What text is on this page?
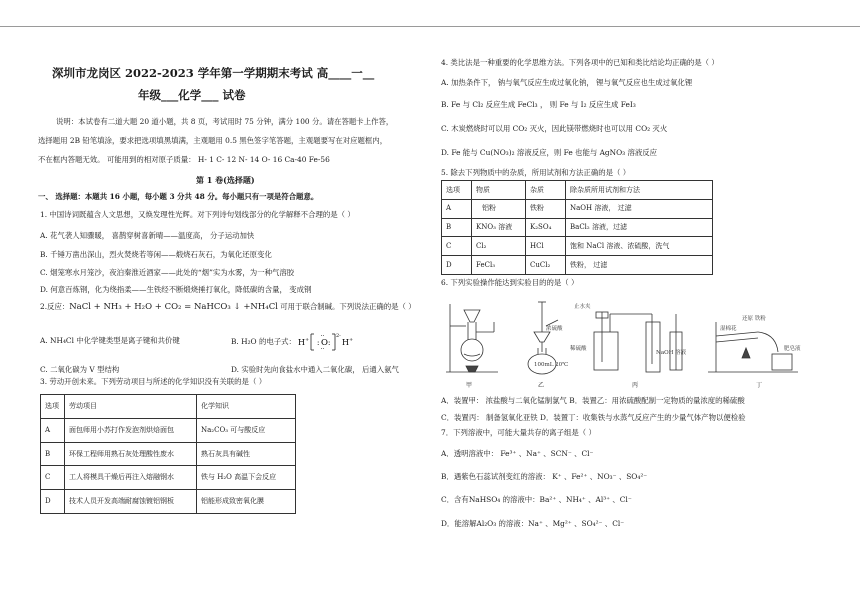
深圳市龙岗区 2022-2023 学年第一学期期末考试 高____一__
年级___化学___ 试卷
说明：本试卷有二道大题 20 道小题，共 8 页，考试用时 75 分钟，满分 100 分。请在答题卡上作答，
选择题用 2B 铅笔填涂，要求把选项填黑填满，主观题用 0.5 黑色签字笔答题，主观题要写在对应题框内，
不在框内答题无效。 可能用到的相对原子质量： H- 1 C- 12 N- 14 O- 16 Ca-40 Fe-56
第 1 卷(选择题)
一、 选择题：本题共 16 小题，每小题 3 分共 48 分。每小题只有一项是符合题意。
1. 中国诗词既蕴含人文思想，又焕发理性光辉。对下列诗句划线部分的化学解释不合理的是（ ）
A. 花气袭人知骤暖， 喜鹊穿树喜新晴——温度高， 分子运动加快
B. 千锤万凿出深山，烈火焚烧若等闲——煅烧石灰石，为氧化还原变化
C. 烟笼寒水月笼沙，夜泊秦淮近酒家——此处的“烟”实为水雾，为一种气溶胶
D. 何意百炼钢，化为绕指柔——生铁经不断煅烧捶打氧化，降低碳的含量， 变成钢
2.反应：NaCl + NH₃ + H₂O + CO₂ = NaHCO₃ ↓ +NH₄Cl 可用于联合制碱。下列说法正确的是（ ）
A. NH₄Cl 中化学键类型是离子键和共价键	B. H₂O 的电子式： H + : O :
··
··
2-
H +
C. 二氧化碳为 V 型结构	D. 实验时先向食盐水中通入二氧化碳， 后通入氨气
3. 劳动开创未来。下列劳动项目与所述的化学知识没有关联的是（ ）
选项	劳动项目	化学知识
A	面包师用小苏打作发泡剂烘焙面包	Na₂CO₃ 可与酸反应
B	环保工程师用熟石灰处理酸性废水	熟石灰具有碱性
C	工人将模具干燥后再注入熔融钢水	铁与 H₂O 高温下会反应
D	技术人员开发高端耐腐蚀镀铝钢板	铝能形成致密氧化膜
4. 类比法是一种重要的化学思维方法。下列各项中的已知和类比结论均正确的是（ ）
A. 加热条件下， 钠与氧气反应生成过氧化钠， 锂与氧气反应也生成过氧化锂
B. Fe 与 Cl₂ 反应生成 FeCl₃ ， 则 Fe 与 I₂ 反应生成 FeI₃
C. 木炭燃烧时可以用 CO₂ 灭火，因此镁带燃烧时也可以用 CO₂ 灭火
D. Fe 能与 Cu(NO₃)₂ 溶液反应，则 Fe 也能与 AgNO₃ 溶液反应
5. 除去下列物质中的杂质，所用试剂和方法正确的是（ ）
选项	物质	杂质	除杂质所用试剂和方法
A	铝粉	铁粉	NaOH 溶液， 过滤
B	KNO₃ 溶液	K₂SO₄	BaCl₂ 溶液，过滤
C	Cl₂	HCl	饱和 NaCl 溶液、浓硫酸，洗气
D	FeCl₃	CuCl₂	铁粉， 过滤
6. 下列实验操作能达到实验目的的是（ ）
浓硫酸
100mL 20℃
止水夹
稀硫酸
NaOH 溶液
还原 铁粉
湿棉花
肥皂液
甲	乙	丙	丁
A．装置甲： 浓盐酸与二氧化锰制氯气 B．装置乙：用浓硫酸配制一定物质的量浓度的稀硫酸
C．装置丙： 制备氢氧化亚铁 D．装置丁：收集铁与水蒸气反应产生的少量气体产物以便检验
7．下列溶液中，可能大量共存的离子组是（ ）
A．透明溶液中： Fe³⁺ 、Na⁺ 、SCN⁻ 、Cl⁻
B．遇紫色石蕊试剂变红的溶液： K⁺ 、Fe²⁺ 、NO₃⁻ 、SO₄²⁻
C．含有NaHSO₄ 的溶液中：Ba²⁺ 、NH₄⁺ 、Al³⁺ 、Cl⁻
D．能溶解Al₂O₃ 的溶液：Na⁺ 、Mg²⁺ 、SO₄²⁻ 、Cl⁻
